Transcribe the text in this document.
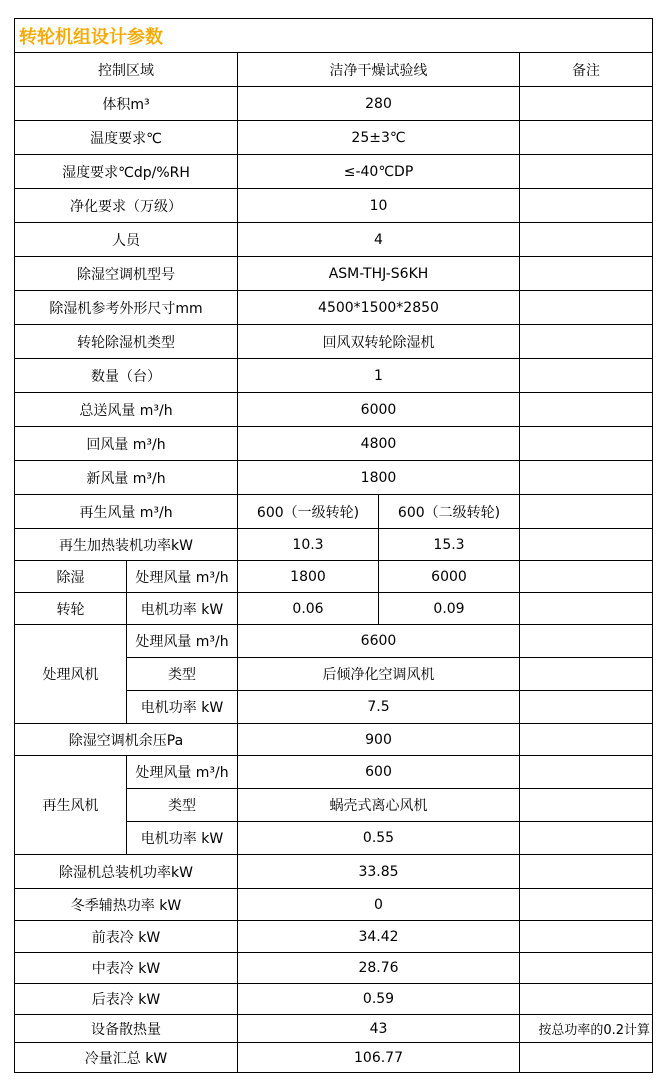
转轮机组设计参数				
控制区域		洁净干燥试验线		备注
体积m³		280		
温度要求℃		25±3℃		
湿度要求℃dp/%RH		≤-40℃DP		
净化要求（万级）		10		
人员		4		
除湿空调机型号		ASM-THJ-S6KH		
除湿机参考外形尺寸mm		4500*1500*2850		
转轮除湿机类型		回风双转轮除湿机		
数量（台）		1		
总送风量 m³/h		6000		
回风量 m³/h		4800		
新风量 m³/h		1800		
再生风量 m³/h		600（一级转轮)	600（二级转轮)	
再生加热装机功率kW		10.3	15.3	
除湿	处理风量 m³/h	1800	6000	
转轮	电机功率 kW	0.06	0.09	
处理风机	处理风量 m³/h	6600		
	类型	后倾净化空调风机		
	电机功率 kW	7.5		
除湿空调机余压Pa		900		
再生风机	处理风量 m³/h	600		
	类型	蜗壳式离心风机		
	电机功率 kW	0.55		
除湿机总装机功率kW		33.85		
冬季辅热功率 kW		0		
前表冷 kW		34.42		
中表冷 kW		28.76		
后表冷 kW		0.59		
设备散热量		43		按总功率的0.2计算
冷量汇总 kW		106.77		
